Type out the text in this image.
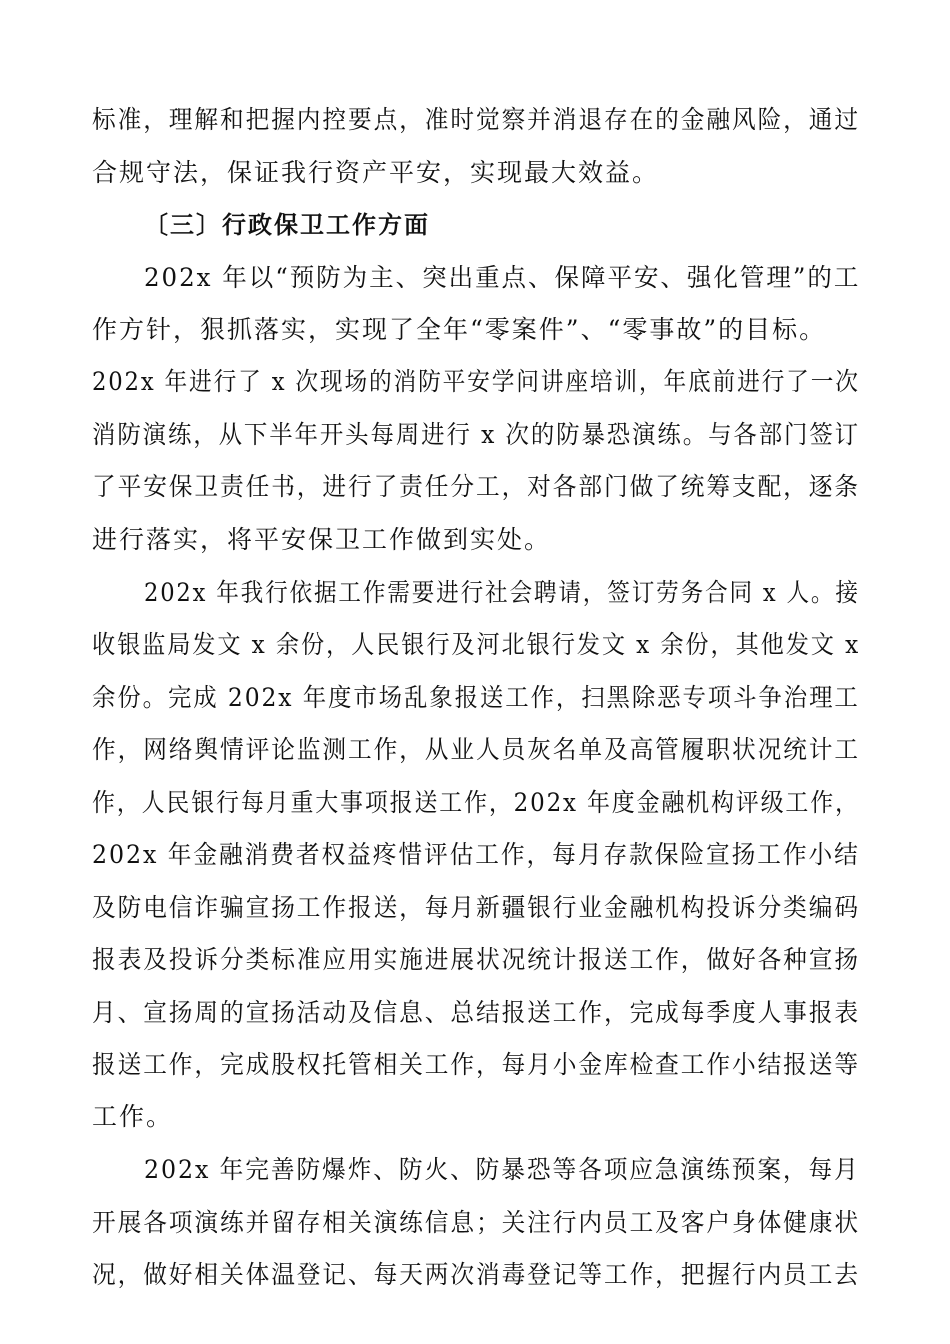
标准，理解和把握内控要点，准时觉察并消退存在的金融风险，通过
合规守法，保证我行资产平安，实现最大效益。
〔三〕行政保卫工作方面
202x 年以“预防为主、突出重点、保障平安、强化管理”的工
作方针，狠抓落实，实现了全年“零案件”、“零事故”的目标。
202x 年进行了 x 次现场的消防平安学问讲座培训，年底前进行了一次
消防演练，从下半年开头每周进行 x 次的防暴恐演练。与各部门签订
了平安保卫责任书，进行了责任分工，对各部门做了统筹支配，逐条
进行落实，将平安保卫工作做到实处。
202x 年我行依据工作需要进行社会聘请，签订劳务合同 x 人。接
收银监局发文 x 余份，人民银行及河北银行发文 x 余份，其他发文 x
余份。完成 202x 年度市场乱象报送工作，扫黑除恶专项斗争治理工
作，网络舆情评论监测工作，从业人员灰名单及高管履职状况统计工
作，人民银行每月重大事项报送工作，202x 年度金融机构评级工作，
202x 年金融消费者权益疼惜评估工作，每月存款保险宣扬工作小结
及防电信诈骗宣扬工作报送，每月新疆银行业金融机构投诉分类编码
报表及投诉分类标准应用实施进展状况统计报送工作，做好各种宣扬
月、宣扬周的宣扬活动及信息、总结报送工作，完成每季度人事报表
报送工作，完成股权托管相关工作，每月小金库检查工作小结报送等
工作。
202x 年完善防爆炸、防火、防暴恐等各项应急演练预案，每月
开展各项演练并留存相关演练信息；关注行内员工及客户身体健康状
况，做好相关体温登记、每天两次消毒登记等工作，把握行内员工去
